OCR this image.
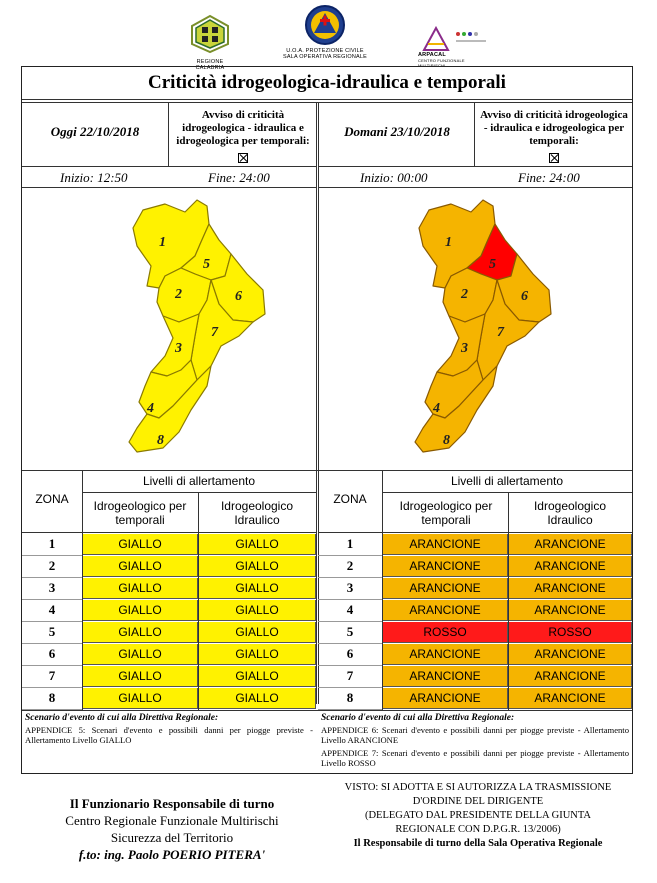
REGIONE CALABRIA
U.O.A. PROTEZIONE CIVILE
SALA OPERATIVA REGIONALE	ARPACAL
CENTRO FUNZIONALE MULTIRISCHI
Criticità idrogeologica-idraulica e temporali
Oggi 22/10/2018
Avviso di criticità idrogeologica - idraulica e idrogeologica per temporali:
Inizio: 12:50	Fine: 24:00
Domani 23/10/2018
Avviso di criticità idrogeologica - idraulica e idrogeologica per temporali:
Inizio: 00:00	Fine: 24:00
1
5
2	6
7
3
4
8
1
5
2	6
7
3
4
8
Livelli di allertamento
ZONA	Idrogeologico per temporali
Idrogeologico Idraulico
1	GIALLO	GIALLO
2	GIALLO	GIALLO
3	GIALLO	GIALLO
4	GIALLO	GIALLO
5	GIALLO	GIALLO
6	GIALLO	GIALLO
7	GIALLO	GIALLO
8	GIALLO	GIALLO
Livelli di allertamento
ZONA	Idrogeologico per temporali
Idrogeologico Idraulico
1	ARANCIONE	ARANCIONE
2	ARANCIONE	ARANCIONE
3	ARANCIONE	ARANCIONE
4	ARANCIONE	ARANCIONE
5	ROSSO	ROSSO
6	ARANCIONE	ARANCIONE
7	ARANCIONE	ARANCIONE
8	ARANCIONE	ARANCIONE
Scenario d'evento di cui alla Direttiva Regionale:
APPENDICE 5: Scenari d'evento e possibili danni per piogge previste - Allertamento Livello GIALLO
Scenario d'evento di cui alla Direttiva Regionale:
APPENDICE 6: Scenari d'evento e possibili danni per piogge previste - Allertamento Livello ARANCIONE
APPENDICE 7: Scenari d'evento e possibili danni per piogge previste - Allertamento Livello ROSSO
Il Funzionario Responsabile di turno
Centro Regionale Funzionale Multirischi
Sicurezza del Territorio
f.to: ing. Paolo POERIO PITERA'
VISTO: SI ADOTTA E SI AUTORIZZA LA TRASMISSIONE
D'ORDINE DEL DIRIGENTE
(DELEGATO DAL PRESIDENTE DELLA GIUNTA
REGIONALE CON D.P.G.R. 13/2006)
Il Responsabile di turno della Sala Operativa Regionale
